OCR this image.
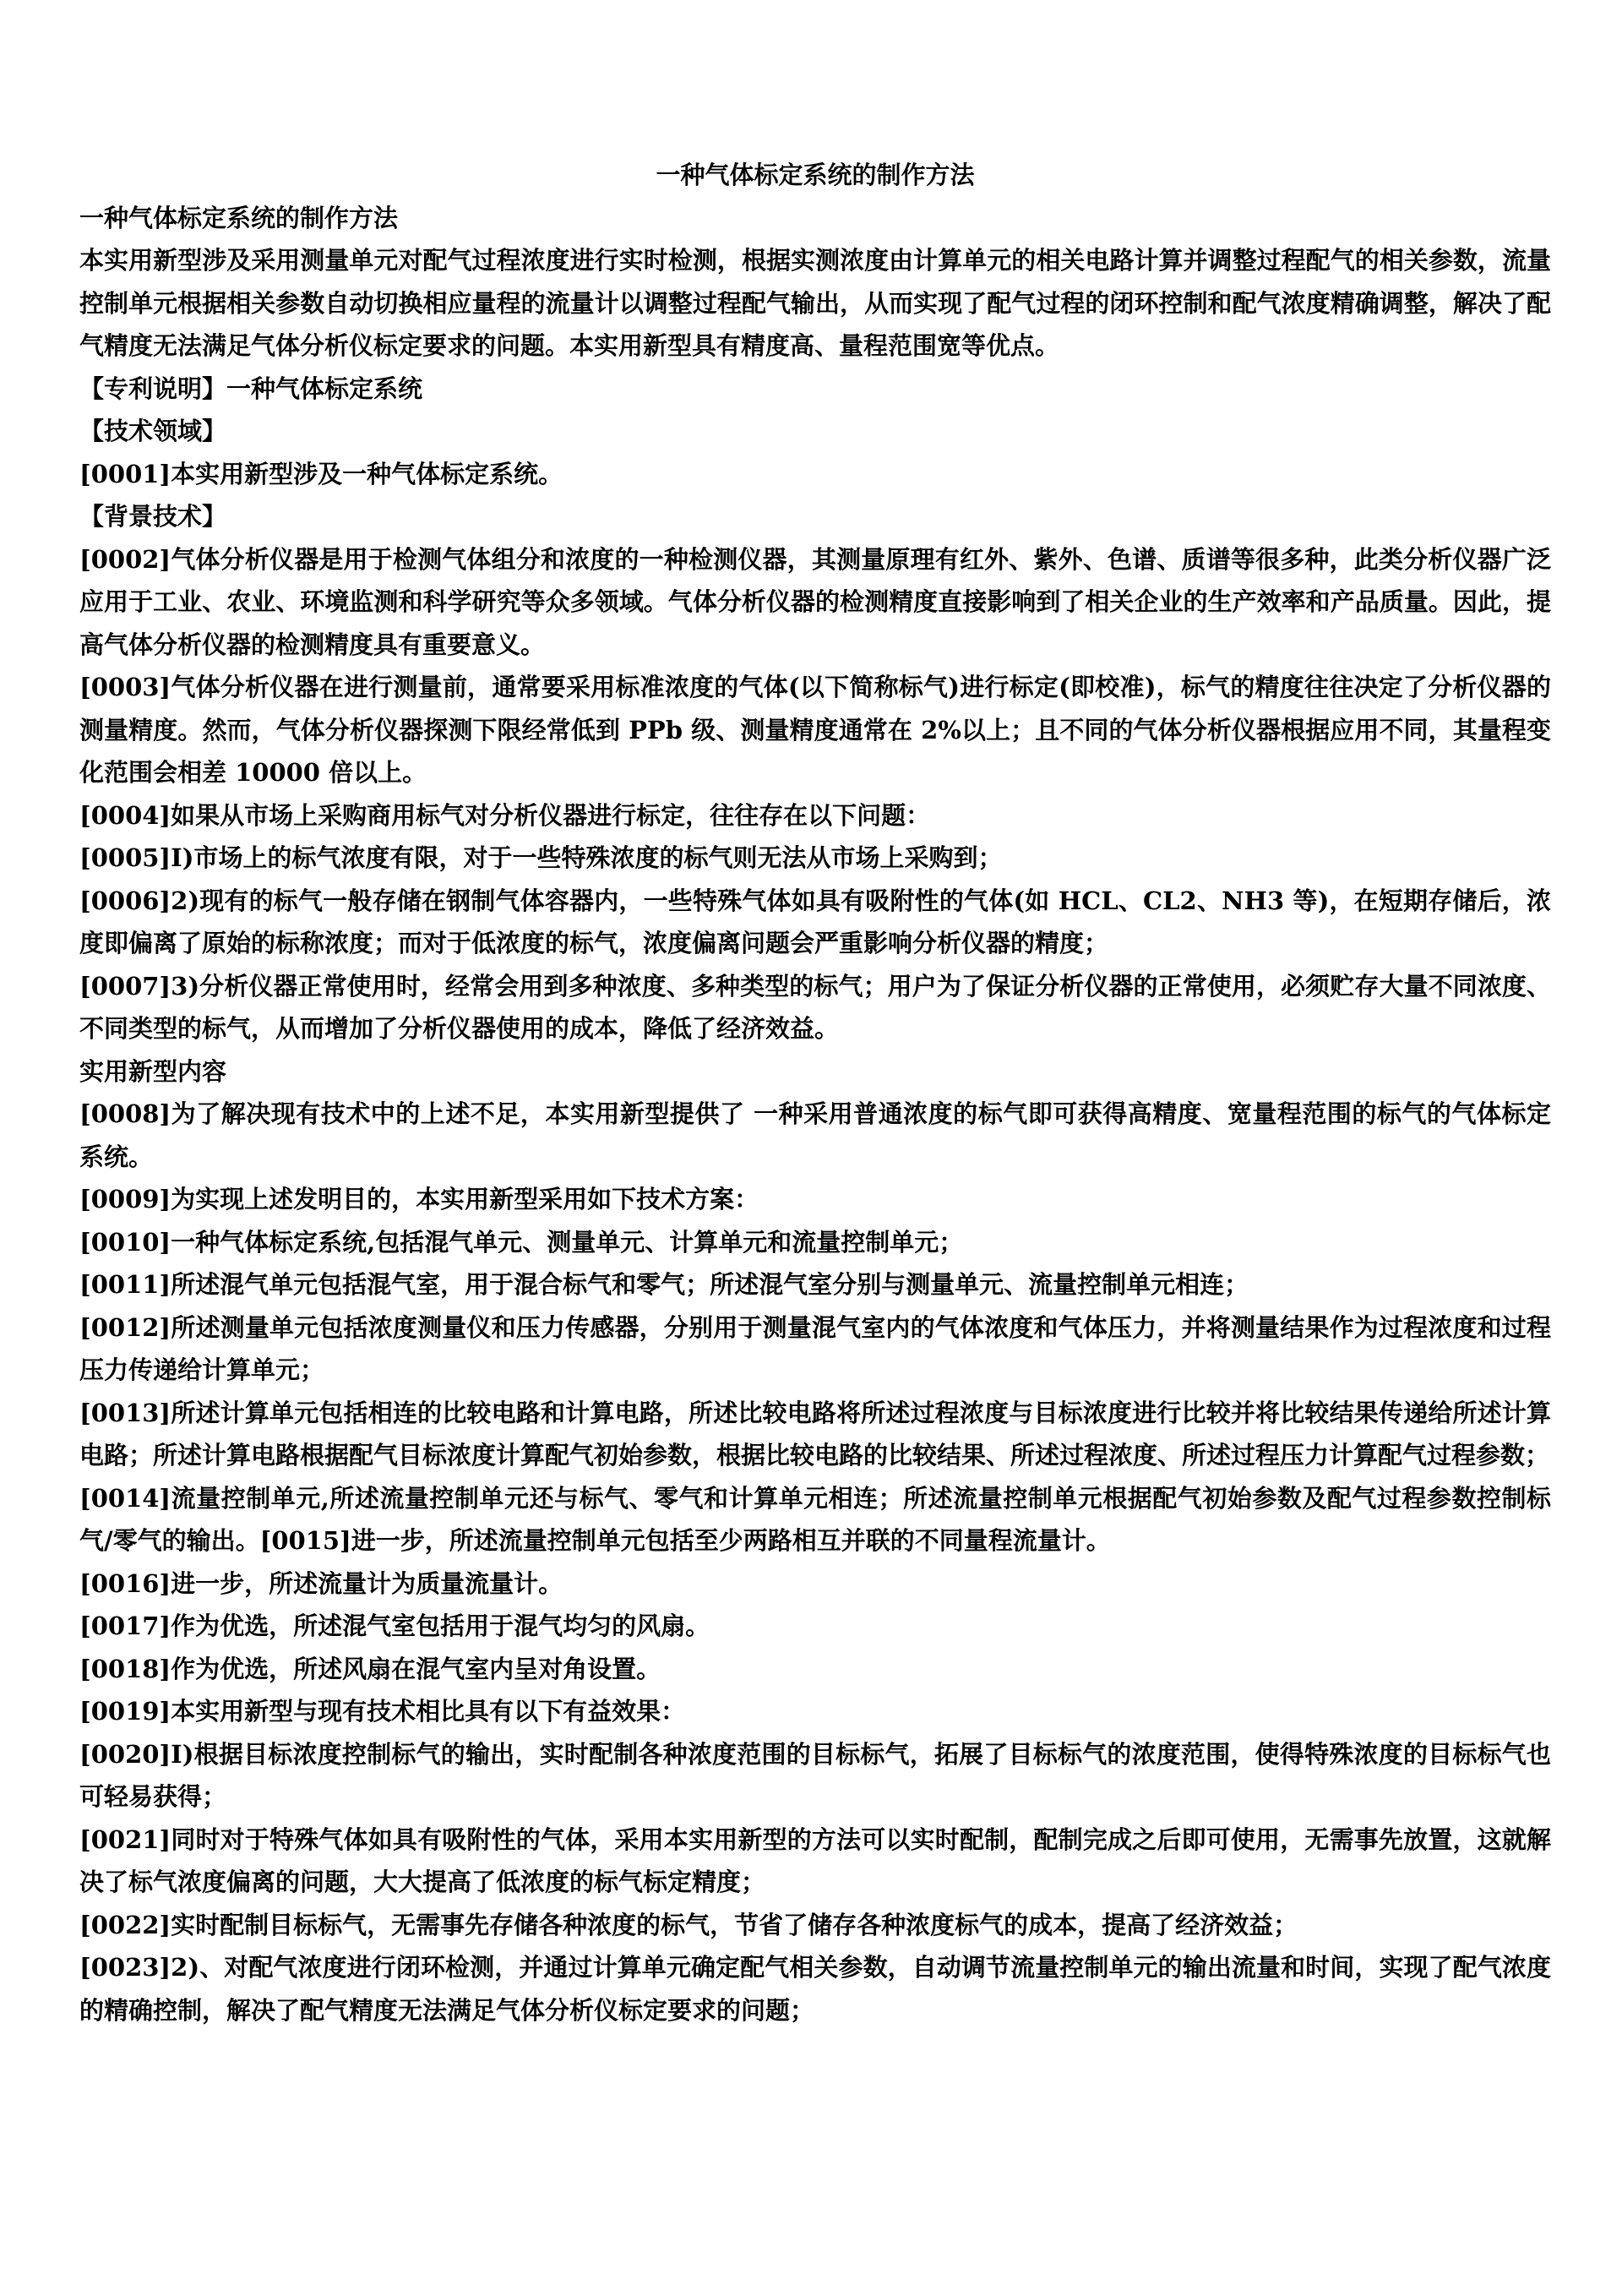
一种气体标定系统的制作方法

一种气体标定系统的制作方法

本实用新型涉及采用测量单元对配气过程浓度进行实时检测，根据实测浓度由计算单元的相关电路计算并调整过程配气的相关参数，流量控制单元根据相关参数自动切换相应量程的流量计以调整过程配气输出，从而实现了配气过程的闭环控制和配气浓度精确调整，解决了配气精度无法满足气体分析仪标定要求的问题。本实用新型具有精度高、量程范围宽等优点。

【专利说明】一种气体标定系统

【技术领域】

[0001]本实用新型涉及一种气体标定系统。

【背景技术】

[0002]气体分析仪器是用于检测气体组分和浓度的一种检测仪器，其测量原理有红外、紫外、色谱、质谱等很多种，此类分析仪器广泛应用于工业、农业、环境监测和科学研究等众多领域。气体分析仪器的检测精度直接影响到了相关企业的生产效率和产品质量。因此，提高气体分析仪器的检测精度具有重要意义。

[0003]气体分析仪器在进行测量前，通常要采用标准浓度的气体(以下简称标气)进行标定(即校准)，标气的精度往往决定了分析仪器的测量精度。然而，气体分析仪器探测下限经常低到 PPb 级、测量精度通常在 2%以上；且不同的气体分析仪器根据应用不同，其量程变化范围会相差 10000 倍以上。

[0004]如果从市场上采购商用标气对分析仪器进行标定，往往存在以下问题：

[0005]I)市场上的标气浓度有限，对于一些特殊浓度的标气则无法从市场上采购到；

[0006]2)现有的标气一般存储在钢制气体容器内，一些特殊气体如具有吸附性的气体(如 HCL、CL2、NH3 等)，在短期存储后，浓度即偏离了原始的标称浓度；而对于低浓度的标气，浓度偏离问题会严重影响分析仪器的精度；

[0007]3)分析仪器正常使用时，经常会用到多种浓度、多种类型的标气；用户为了保证分析仪器的正常使用，必须贮存大量不同浓度、不同类型的标气，从而增加了分析仪器使用的成本，降低了经济效益。

实用新型内容

[0008]为了解决现有技术中的上述不足，本实用新型提供了 一种采用普通浓度的标气即可获得高精度、宽量程范围的标气的气体标定系统。

[0009]为实现上述发明目的，本实用新型采用如下技术方案：

[0010]一种气体标定系统,包括混气单元、测量单元、计算单元和流量控制单元；

[0011]所述混气单元包括混气室，用于混合标气和零气；所述混气室分别与测量单元、流量控制单元相连；

[0012]所述测量单元包括浓度测量仪和压力传感器，分别用于测量混气室内的气体浓度和气体压力，并将测量结果作为过程浓度和过程压力传递给计算单元；

[0013]所述计算单元包括相连的比较电路和计算电路，所述比较电路将所述过程浓度与目标浓度进行比较并将比较结果传递给所述计算电路；所述计算电路根据配气目标浓度计算配气初始参数，根据比较电路的比较结果、所述过程浓度、所述过程压力计算配气过程参数；

[0014]流量控制单元,所述流量控制单元还与标气、零气和计算单元相连；所述流量控制单元根据配气初始参数及配气过程参数控制标气/零气的输出。[0015]进一步，所述流量控制单元包括至少两路相互并联的不同量程流量计。

[0016]进一步，所述流量计为质量流量计。

[0017]作为优选，所述混气室包括用于混气均匀的风扇。

[0018]作为优选，所述风扇在混气室内呈对角设置。

[0019]本实用新型与现有技术相比具有以下有益效果：

[0020]I)根据目标浓度控制标气的输出，实时配制各种浓度范围的目标标气，拓展了目标标气的浓度范围，使得特殊浓度的目标标气也可轻易获得；

[0021]同时对于特殊气体如具有吸附性的气体，采用本实用新型的方法可以实时配制，配制完成之后即可使用，无需事先放置，这就解决了标气浓度偏离的问题，大大提高了低浓度的标气标定精度；

[0022]实时配制目标标气，无需事先存储各种浓度的标气，节省了储存各种浓度标气的成本，提高了经济效益；

[0023]2)、对配气浓度进行闭环检测，并通过计算单元确定配气相关参数，自动调节流量控制单元的输出流量和时间，实现了配气浓度的精确控制，解决了配气精度无法满足气体分析仪标定要求的问题；
